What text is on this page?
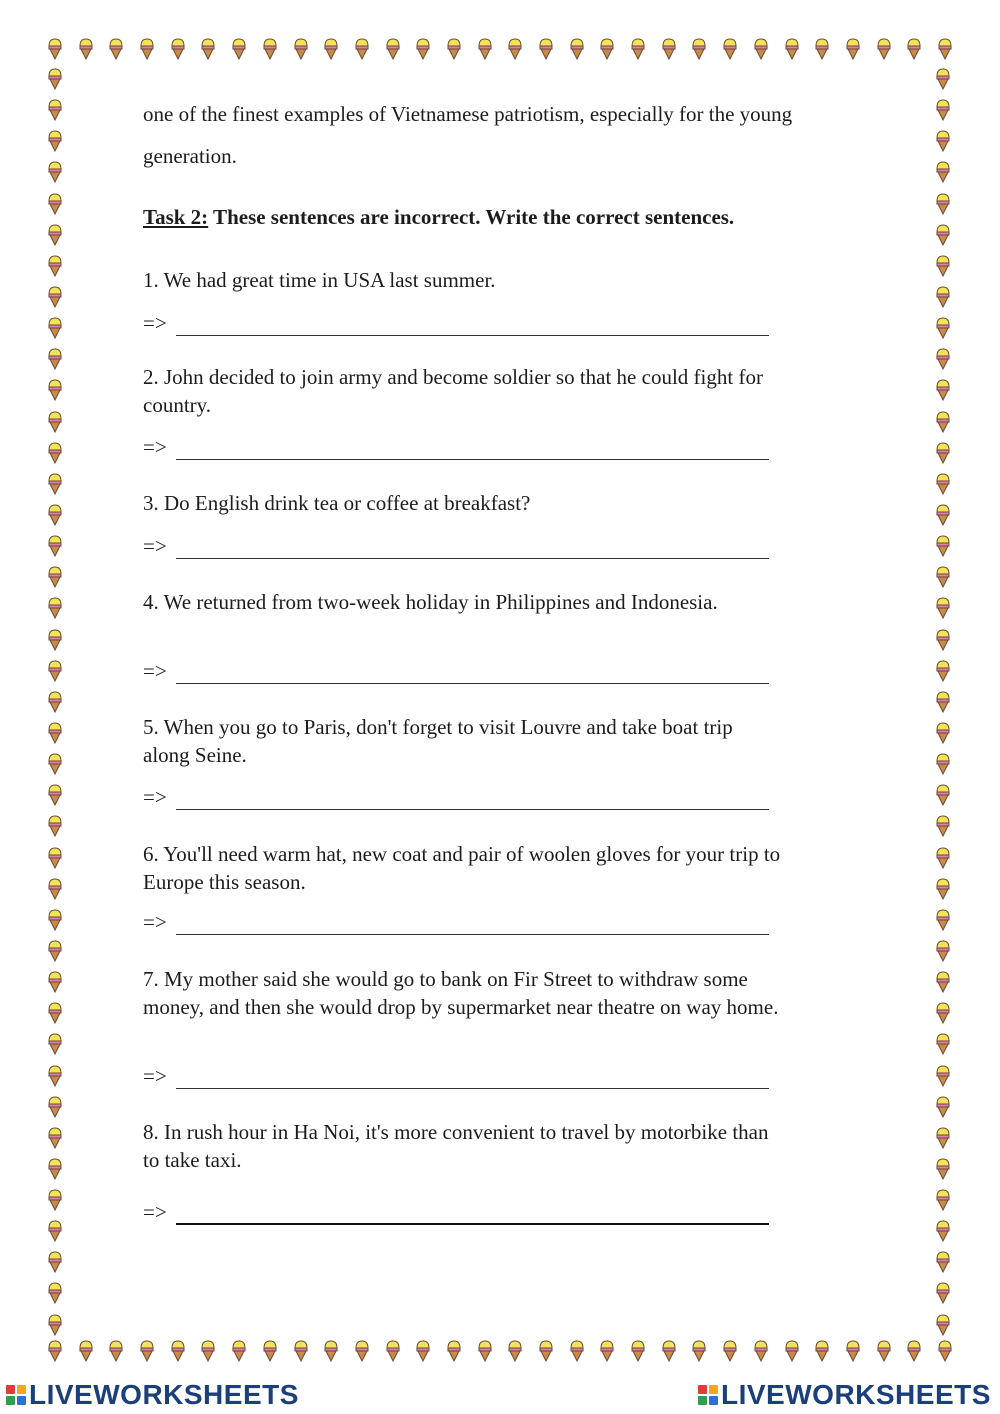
one of the finest examples of Vietnamese patriotism, especially for the young generation.
Task 2: These sentences are incorrect. Write the correct sentences.
1. We had great time in USA last summer.
=>
2. John decided to join army and become soldier so that he could fight for country.
=>
3. Do English drink tea or coffee at breakfast?
=>
4. We returned from two-week holiday in Philippines and Indonesia.
=>
5. When you go to Paris, don't forget to visit Louvre and take boat trip along Seine.
=>
6. You'll need warm hat, new coat and pair of woolen gloves for your trip to Europe this season.
=>
7. My mother said she would go to bank on Fir Street to withdraw some money, and then she would drop by supermarket near theatre on way home.
=>
8. In rush hour in Ha Noi, it's more convenient to travel by motorbike than to take taxi.
=>
LIVEWORKSHEETS	LIVEWORKSHEETS
